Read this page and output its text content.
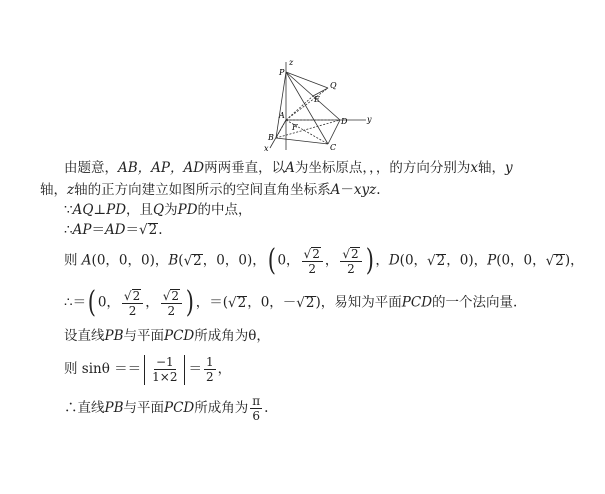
z
P
Q
E
A
F
D y
B
C
x
由题意，AB，AP，AD两两垂直，以A为坐标原点，，，的方向分别为x轴，y
轴，z轴的正方向建立如图所示的空间直角坐标系A－xyz.
∵AQ⊥PD，且Q为PD的中点，
∴AP＝AD＝√2.
则 A(0，0，0)，B(√2，0，0)，( 0， $\frac{√2}{2}$ ， $\frac{√2}{2}$ ) ，D(0，√2，0)，P(0，0，√2)，
∴＝( 0， $\frac{√2}{2}$ ， $\frac{√2}{2}$ ) ，＝(√2，0，－√2)，易知为平面PCD的一个法向量.
设直线PB与平面PCD所成角为θ，
则 $\sin\theta == \frac{-1}{1\times 2} = \frac{1}{2}$ ，
∴直线PB与平面PCD所成角为 $\frac{\pi}{6}$ .
